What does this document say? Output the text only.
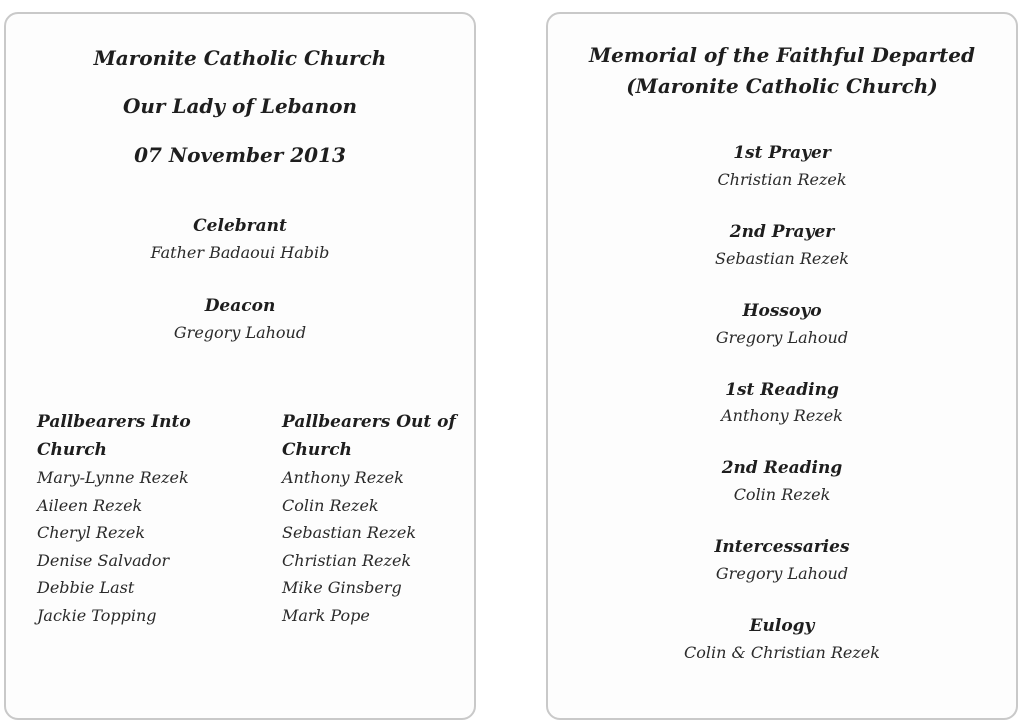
Maronite Catholic Church
Our Lady of Lebanon
07 November 2013
Celebrant
Father Badaoui Habib
Deacon
Gregory Lahoud
Pallbearers Into Church
Mary-Lynne Rezek
Aileen Rezek
Cheryl Rezek
Denise Salvador
Debbie Last
Jackie Topping
Pallbearers Out of Church
Anthony Rezek
Colin Rezek
Sebastian Rezek
Christian Rezek
Mike Ginsberg
Mark Pope
Memorial of the Faithful Departed
(Maronite Catholic Church)
1st Prayer
Christian Rezek
2nd Prayer
Sebastian Rezek
Hossoyo
Gregory Lahoud
1st Reading
Anthony Rezek
2nd Reading
Colin Rezek
Intercessaries
Gregory Lahoud
Eulogy
Colin & Christian Rezek
